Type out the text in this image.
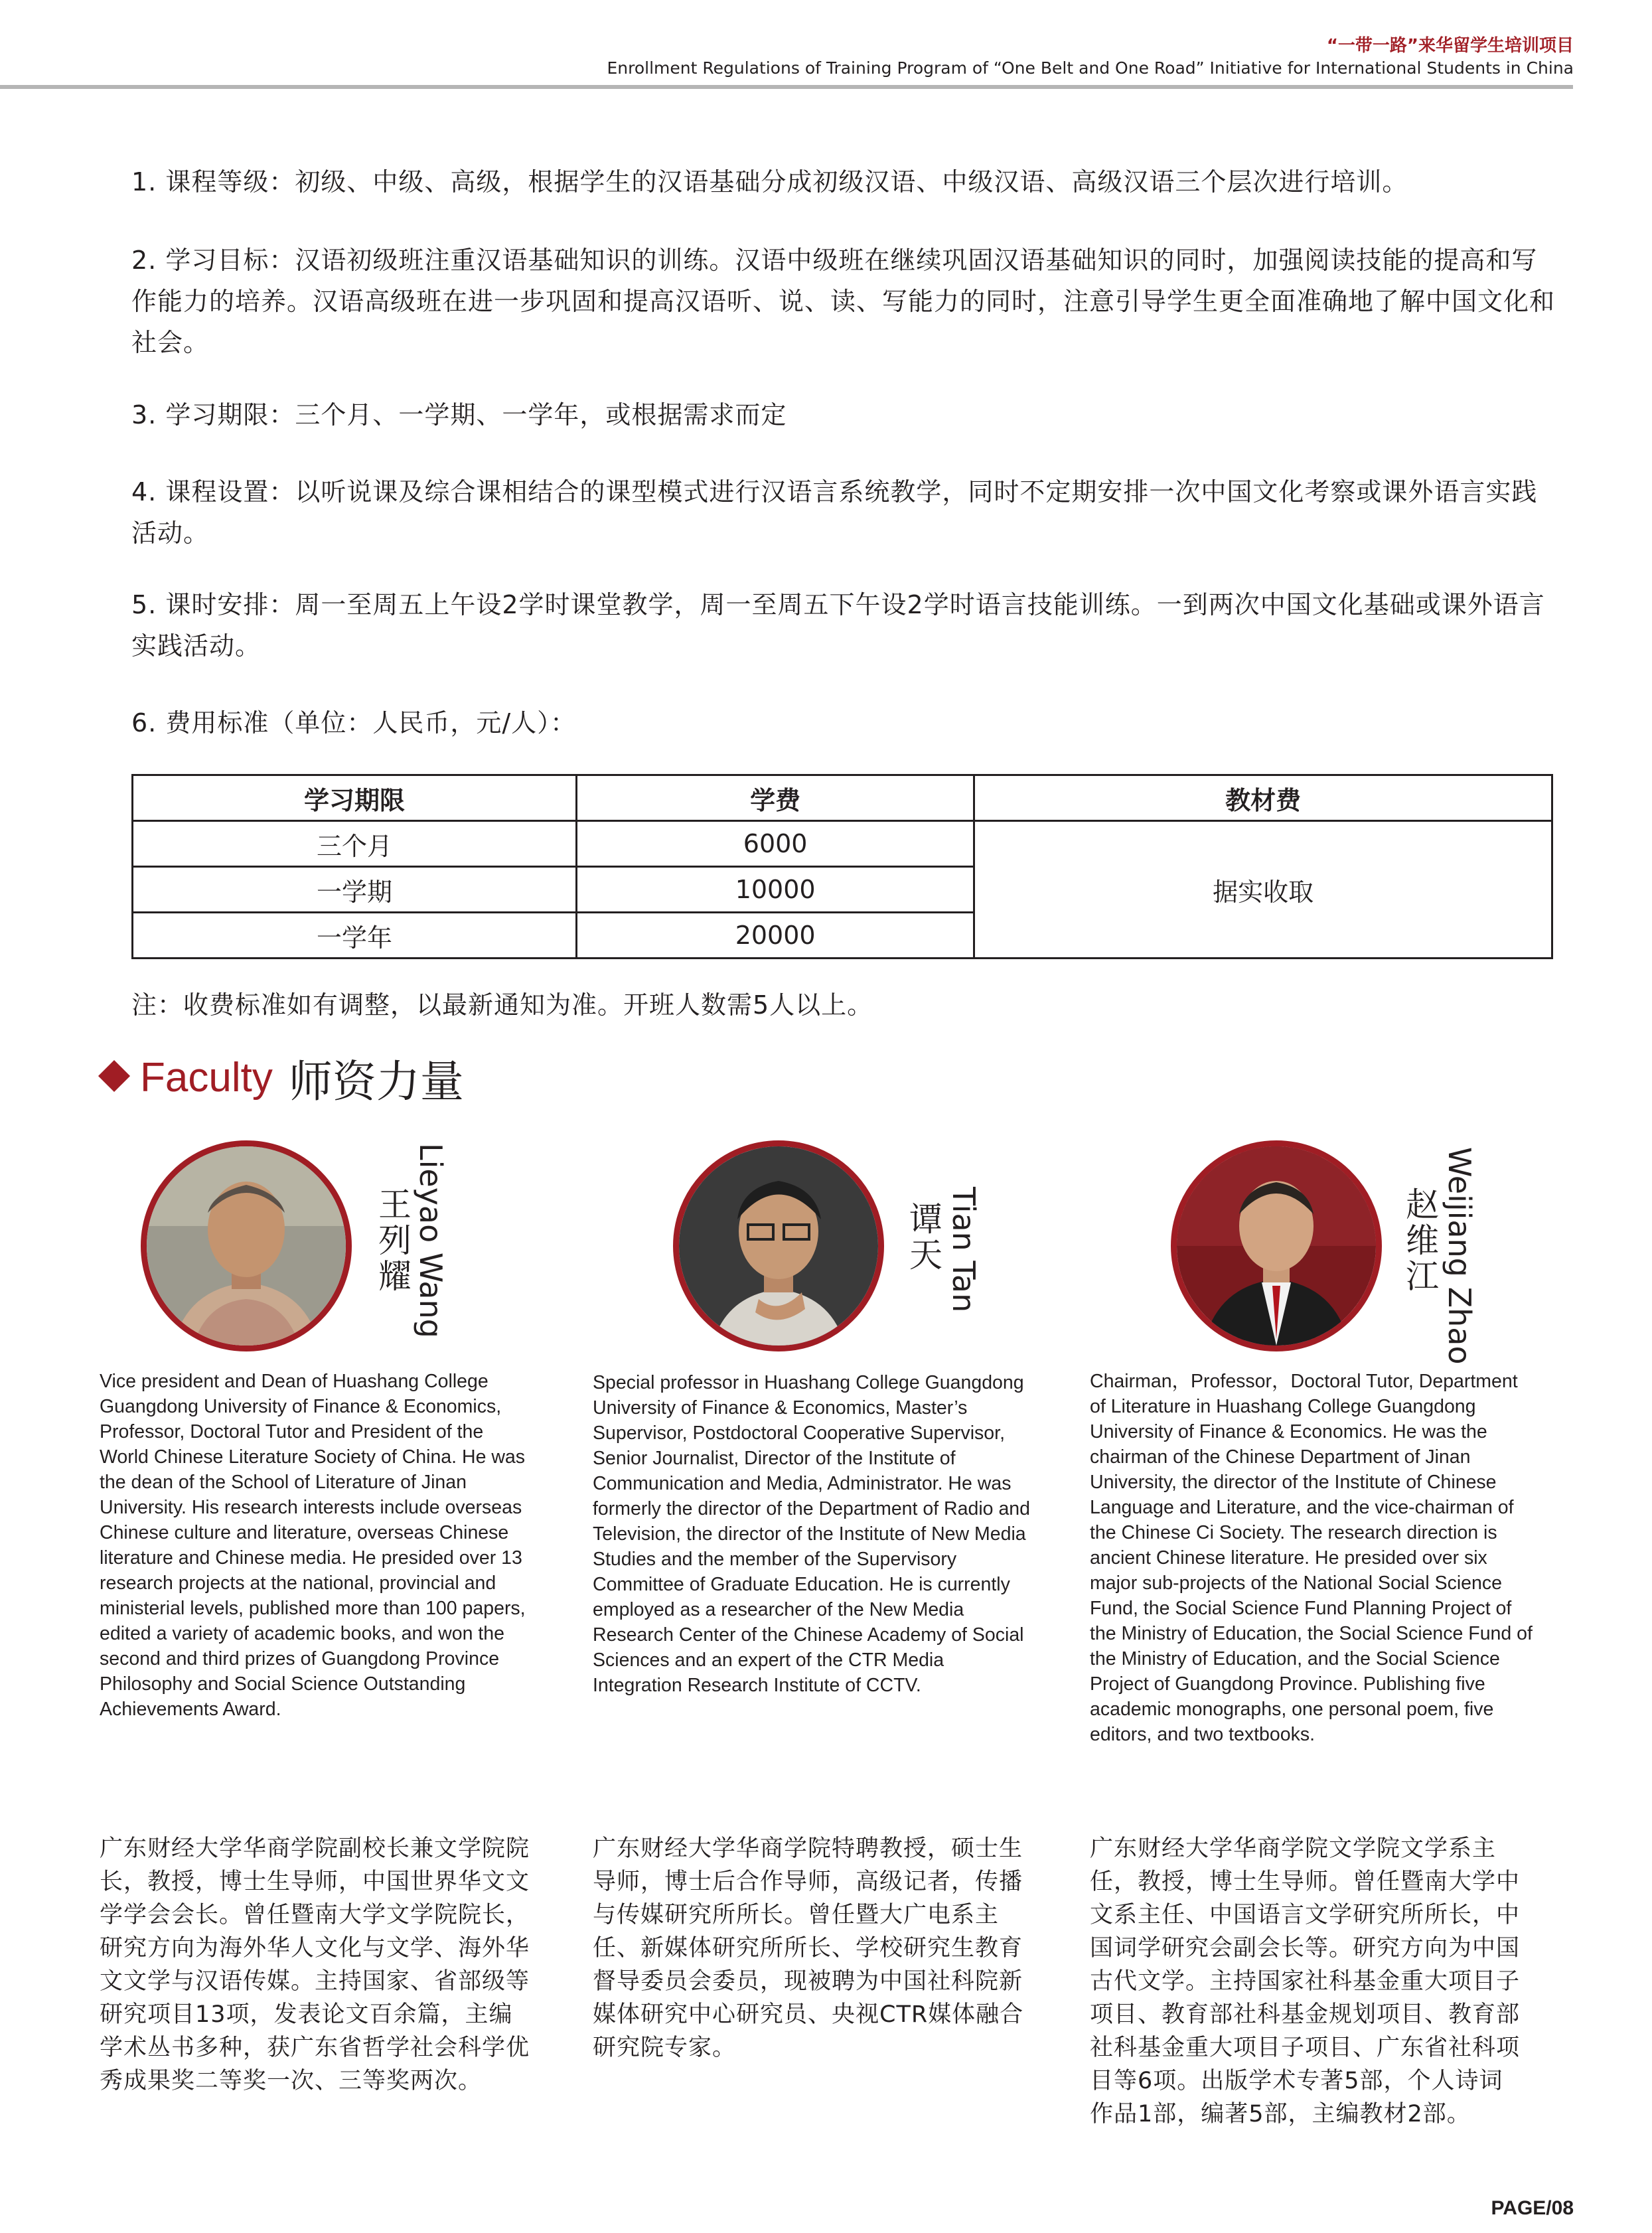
“一带一路”来华留学生培训项目
Enrollment Regulations of Training Program of “One Belt and One Road” Initiative for International Students in China
1. 课程等级：初级、中级、高级，根据学生的汉语基础分成初级汉语、中级汉语、高级汉语三个层次进行培训。
2. 学习目标：汉语初级班注重汉语基础知识的训练。汉语中级班在继续巩固汉语基础知识的同时，加强阅读技能的提高和写作能力的培养。汉语高级班在进一步巩固和提高汉语听、说、读、写能力的同时，注意引导学生更全面准确地了解中国文化和社会。
3. 学习期限：三个月、一学期、一学年，或根据需求而定
4. 课程设置：以听说课及综合课相结合的课型模式进行汉语言系统教学，同时不定期安排一次中国文化考察或课外语言实践活动。
5. 课时安排：周一至周五上午设2学时课堂教学，周一至周五下午设2学时语言技能训练。一到两次中国文化基础或课外语言实践活动。
6. 费用标准（单位：人民币，元/人）：
学习期限	学费	教材费
三个月	6000	据实收取
一学期	10000	
一学年	20000	
注：收费标准如有调整，以最新通知为准。开班人数需5人以上。
Faculty 师资力量
Lieyao Wang
王列耀
Vice president and Dean of Huashang College Guangdong University of Finance & Economics, Professor, Doctoral Tutor and President of the World Chinese Literature Society of China. He was the dean of the School of Literature of Jinan University. His research interests include overseas Chinese culture and literature, overseas Chinese literature and Chinese media. He presided over 13 research projects at the national, provincial and ministerial levels, published more than 100 papers, edited a variety of academic books, and won the second and third prizes of Guangdong Province Philosophy and Social Science Outstanding Achievements Award.
广东财经大学华商学院副校长兼文学院院长，教授，博士生导师，中国世界华文文学学会会长。曾任暨南大学文学院院长，研究方向为海外华人文化与文学、海外华文文学与汉语传媒。主持国家、省部级等研究项目13项，发表论文百余篇，主编学术丛书多种，获广东省哲学社会科学优秀成果奖二等奖一次、三等奖两次。
Tian Tan
谭天
Special professor in Huashang College Guangdong University of Finance & Economics, Master’s Supervisor, Postdoctoral Cooperative Supervisor, Senior Journalist, Director of the Institute of Communication and Media, Administrator. He was formerly the director of the Department of Radio and Television, the director of the Institute of New Media Studies and the member of the Supervisory Committee of Graduate Education. He is currently employed as a researcher of the New Media Research Center of the Chinese Academy of Social Sciences and an expert of the CTR Media Integration Research Institute of CCTV.
广东财经大学华商学院特聘教授，硕士生导师，博士后合作导师，高级记者，传播与传媒研究所所长。曾任暨大广电系主任、新媒体研究所所长、学校研究生教育督导委员会委员，现被聘为中国社科院新媒体研究中心研究员、央视CTR媒体融合研究院专家。
Weijiang Zhao
赵维江
Chairman，Professor，Doctoral Tutor, Department of Literature in Huashang College Guangdong University of Finance & Economics. He was the chairman of the Chinese Department of Jinan University, the director of the Institute of Chinese Language and Literature, and the vice-chairman of the Chinese Ci Society. The research direction is ancient Chinese literature. He presided over six major sub-projects of the National Social Science Fund, the Social Science Fund Planning Project of the Ministry of Education, the Social Science Fund of the Ministry of Education, and the Social Science Project of Guangdong Province. Publishing five academic monographs, one personal poem, five editors, and two textbooks.
广东财经大学华商学院文学院文学系主任，教授，博士生导师。曾任暨南大学中文系主任、中国语言文学研究所所长，中国词学研究会副会长等。研究方向为中国古代文学。主持国家社科基金重大项目子项目、教育部社科基金规划项目、教育部社科基金重大项目子项目、广东省社科项目等6项。出版学术专著5部，个人诗词作品1部，编著5部，主编教材2部。
PAGE/08
